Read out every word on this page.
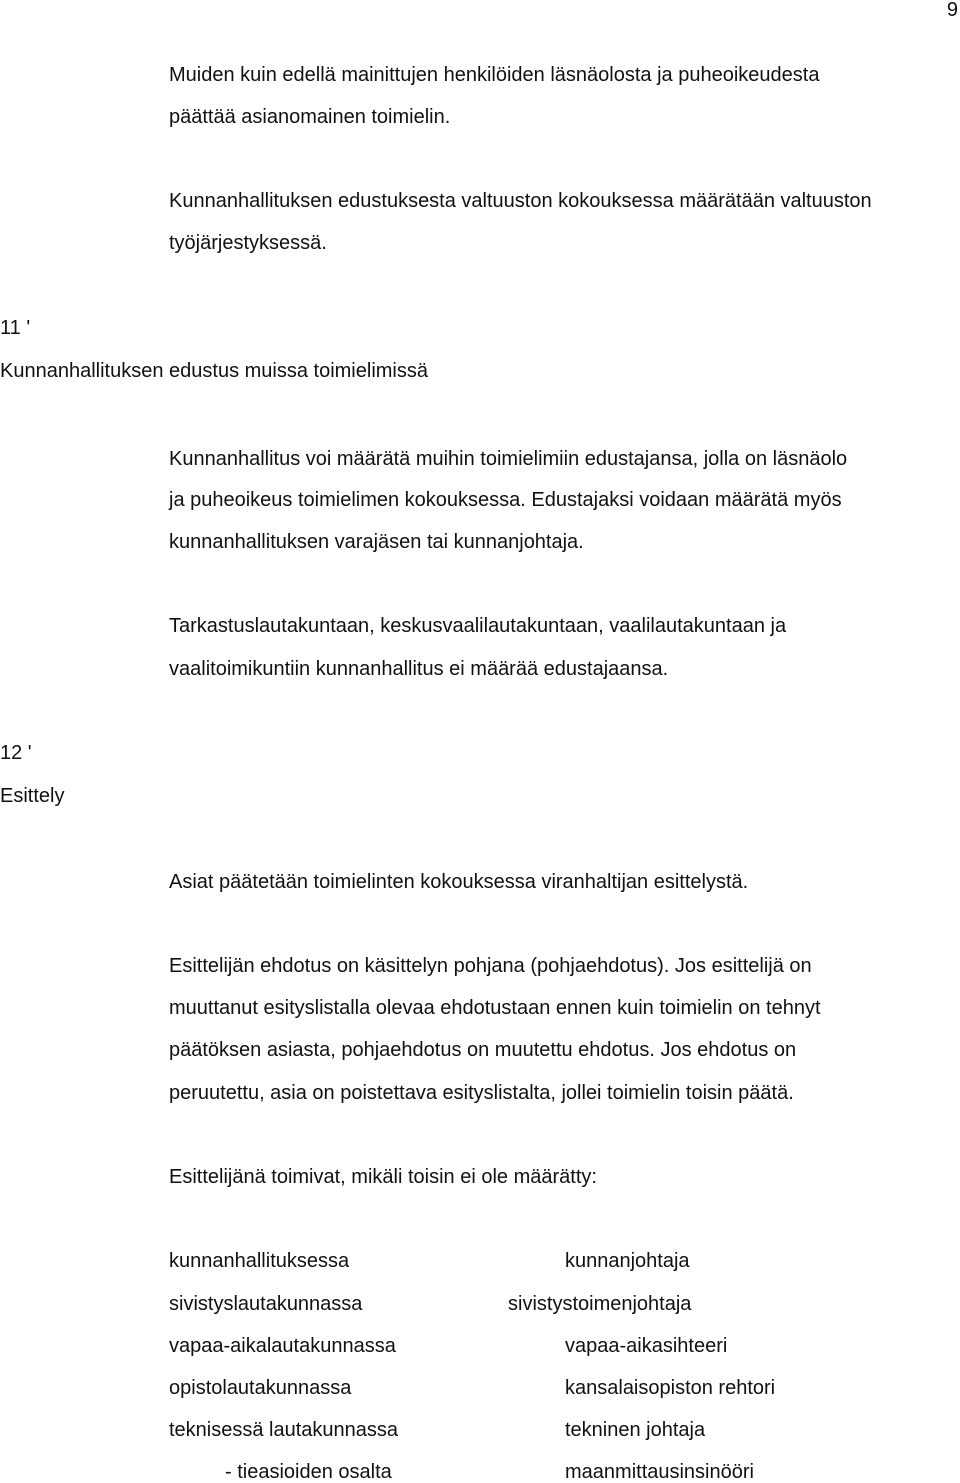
9
Muiden kuin edellä mainittujen henkilöiden läsnäolosta ja puheoikeudesta
päättää asianomainen toimielin.
Kunnanhallituksen edustuksesta valtuuston kokouksessa määrätään valtuuston
työjärjestyksessä.
11 '
Kunnanhallituksen edustus muissa toimielimissä
Kunnanhallitus voi määrätä muihin toimielimiin edustajansa, jolla on läsnäolo
ja puheoikeus toimielimen kokouksessa. Edustajaksi voidaan määrätä myös
kunnanhallituksen varajäsen tai kunnanjohtaja.
Tarkastuslautakuntaan, keskusvaalilautakuntaan, vaalilautakuntaan ja
vaalitoimikuntiin kunnanhallitus ei määrää edustajaansa.
12 '
Esittely
Asiat päätetään toimielinten kokouksessa viranhaltijan esittelystä.
Esittelijän ehdotus on käsittelyn pohjana (pohjaehdotus). Jos esittelijä on
muuttanut esityslistalla olevaa ehdotustaan ennen kuin toimielin on tehnyt
päätöksen asiasta, pohjaehdotus on muutettu ehdotus. Jos ehdotus on
peruutettu, asia on poistettava esityslistalta, jollei toimielin toisin päätä.
Esittelijänä toimivat, mikäli toisin ei ole määrätty:
kunnanhallituksessa	kunnanjohtaja
sivistyslautakunnassa	sivistystoimenjohtaja
vapaa-aikalautakunnassa	vapaa-aikasihteeri
opistolautakunnassa	kansalaisopiston rehtori
teknisessä lautakunnassa	tekninen johtaja
- tieasioiden osalta	maanmittausinsinööri
